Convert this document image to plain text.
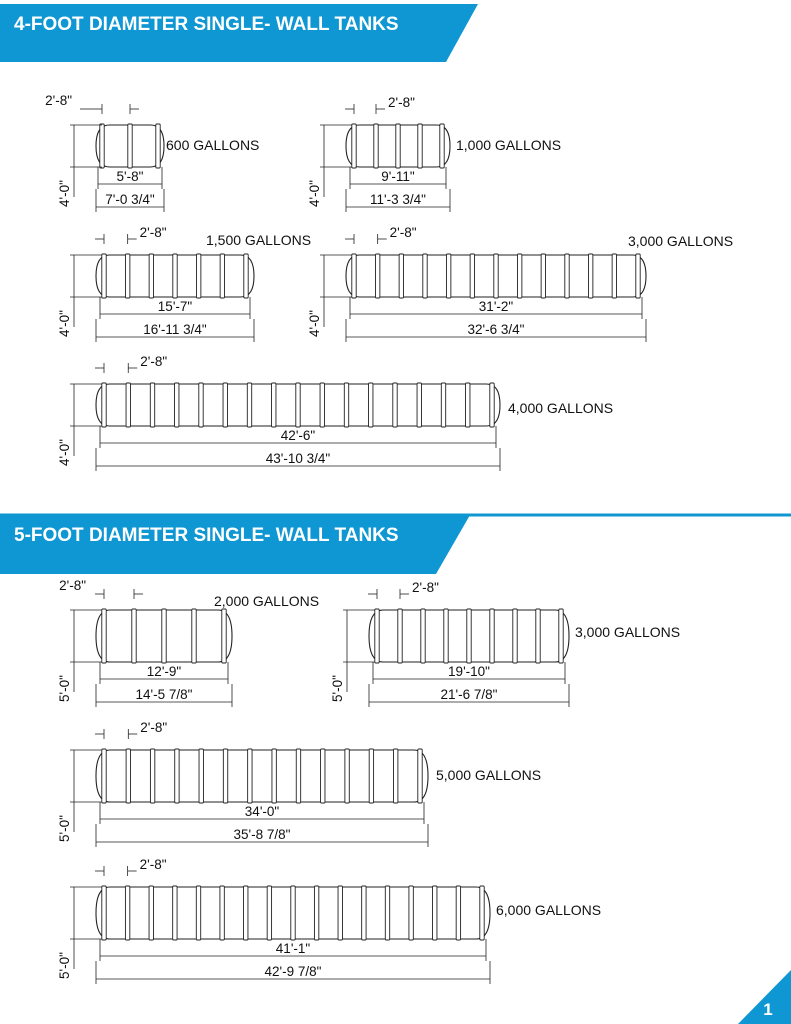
4-FOOT DIAMETER SINGLE- WALL TANKS
5-FOOT DIAMETER SINGLE- WALL TANKS
2'-8"
600 GALLONS
4'-0"
5'-8"
7'-0 3/4"
2'-8"
1,000 GALLONS
4'-0"
9'-11"
11'-3 3/4"
2'-8"	1,500 GALLONS
4'-0"
15'-7"
16'-11 3/4"
2'-8"
3,000 GALLONS
4'-0"
31'-2"
32'-6 3/4"
2'-8"
4,000 GALLONS
4'-0"
42'-6"
43'-10 3/4"
2'-8"
2,000 GALLONS
5'-0"
12'-9"
14'-5 7/8"
2'-8"
3,000 GALLONS
5'-0"
19'-10"
21'-6 7/8"
2'-8"
5,000 GALLONS
5'-0"
34'-0"
35'-8 7/8"
2'-8"
6,000 GALLONS
5'-0"
41'-1"
42'-9 7/8"
1
